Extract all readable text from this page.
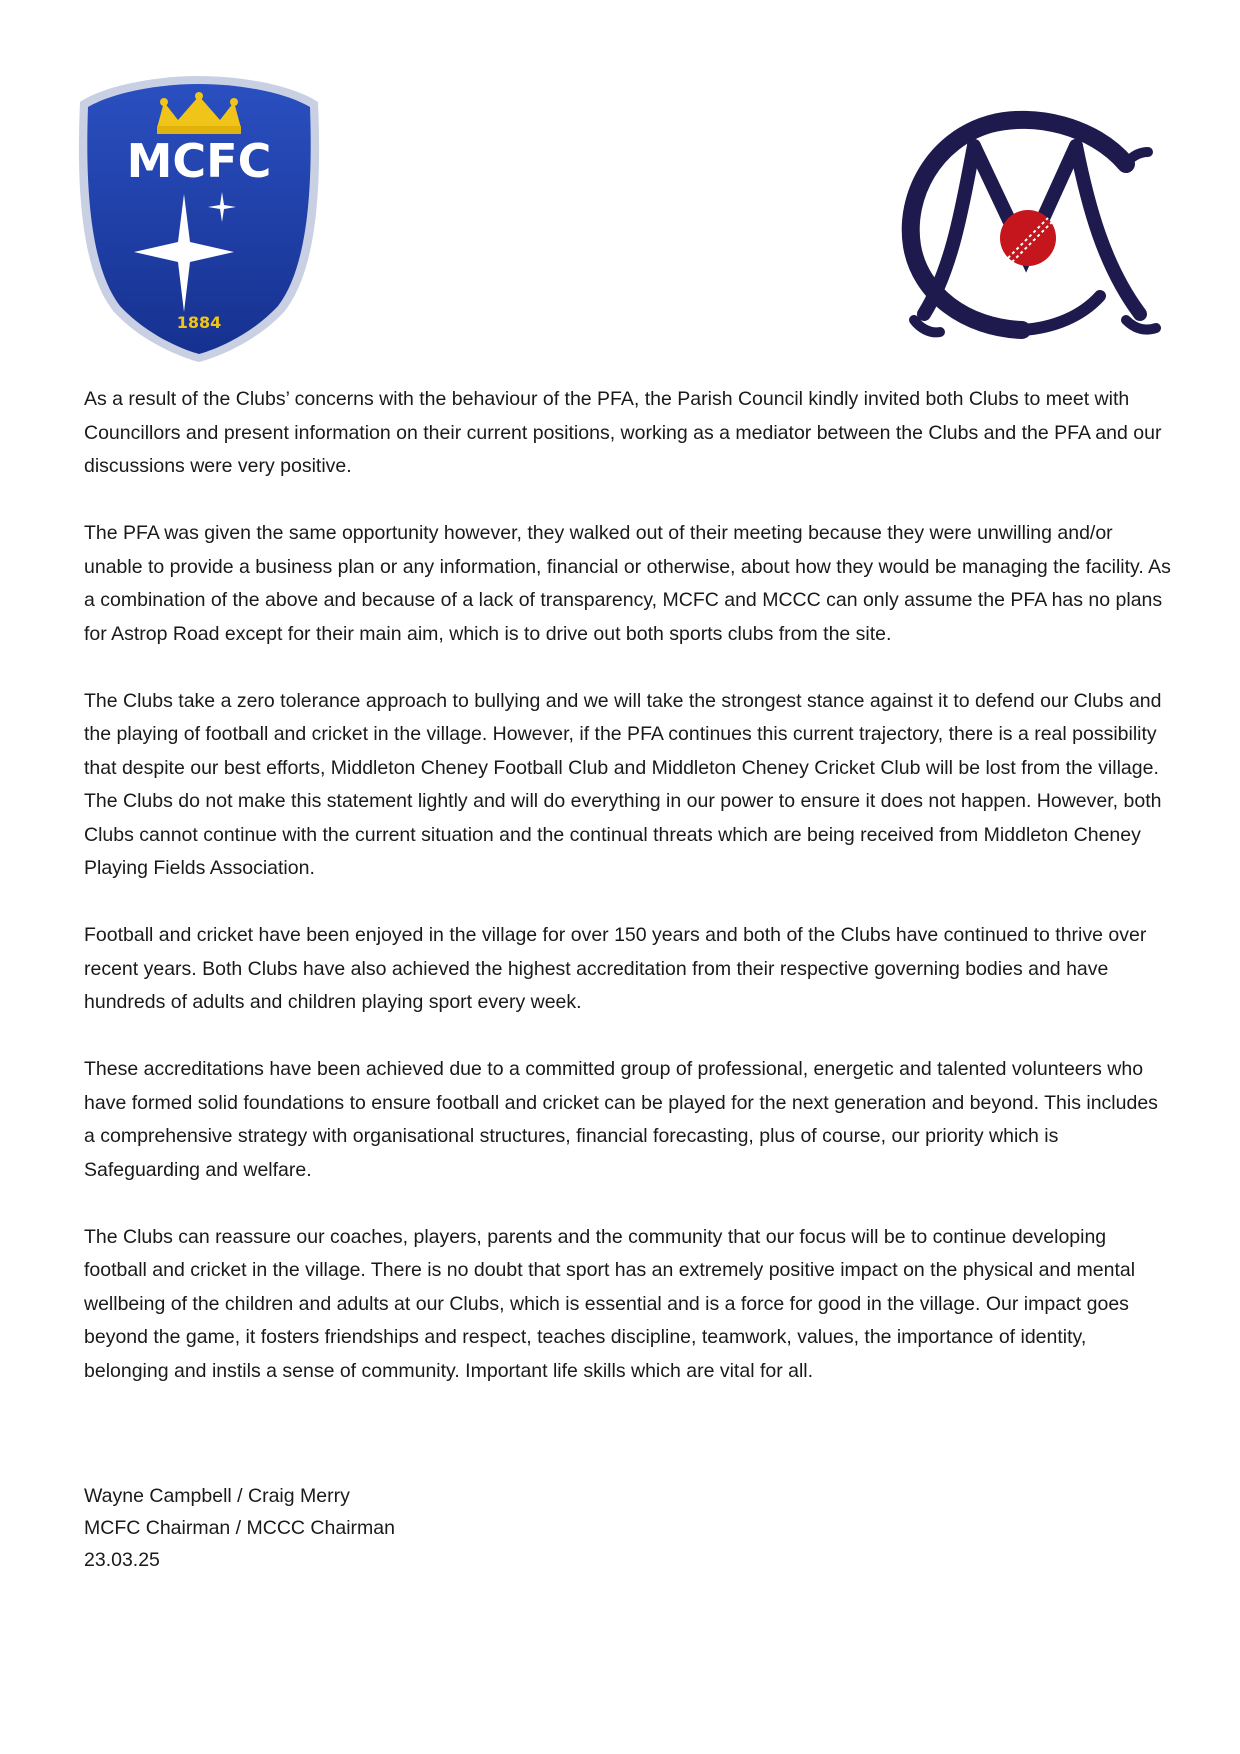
MCFC
1884

As a result of the Clubs’ concerns with the behaviour of the PFA, the Parish Council kindly invited both Clubs to meet with Councillors and present information on their current positions, working as a mediator between the Clubs and the PFA and our discussions were very positive.

The PFA was given the same opportunity however, they walked out of their meeting because they were unwilling and/or unable to provide a business plan or any information, financial or otherwise, about how they would be managing the facility. As a combination of the above and because of a lack of transparency, MCFC and MCCC can only assume the PFA has no plans for Astrop Road except for their main aim, which is to drive out both sports clubs from the site.

The Clubs take a zero tolerance approach to bullying and we will take the strongest stance against it to defend our Clubs and the playing of football and cricket in the village. However, if the PFA continues this current trajectory, there is a real possibility that despite our best efforts, Middleton Cheney Football Club and Middleton Cheney Cricket Club will be lost from the village. The Clubs do not make this statement lightly and will do everything in our power to ensure it does not happen. However, both Clubs cannot continue with the current situation and the continual threats which are being received from Middleton Cheney Playing Fields Association.

Football and cricket have been enjoyed in the village for over 150 years and both of the Clubs have continued to thrive over recent years. Both Clubs have also achieved the highest accreditation from their respective governing bodies and have hundreds of adults and children playing sport every week.

These accreditations have been achieved due to a committed group of professional, energetic and talented volunteers who have formed solid foundations to ensure football and cricket can be played for the next generation and beyond. This includes a comprehensive strategy with organisational structures, financial forecasting, plus of course, our priority which is Safeguarding and welfare.

The Clubs can reassure our coaches, players, parents and the community that our focus will be to continue developing football and cricket in the village. There is no doubt that sport has an extremely positive impact on the physical and mental wellbeing of the children and adults at our Clubs, which is essential and is a force for good in the village. Our impact goes beyond the game, it fosters friendships and respect, teaches discipline, teamwork, values, the importance of identity, belonging and instils a sense of community. Important life skills which are vital for all.

Wayne Campbell / Craig Merry
MCFC Chairman / MCCC Chairman
23.03.25
